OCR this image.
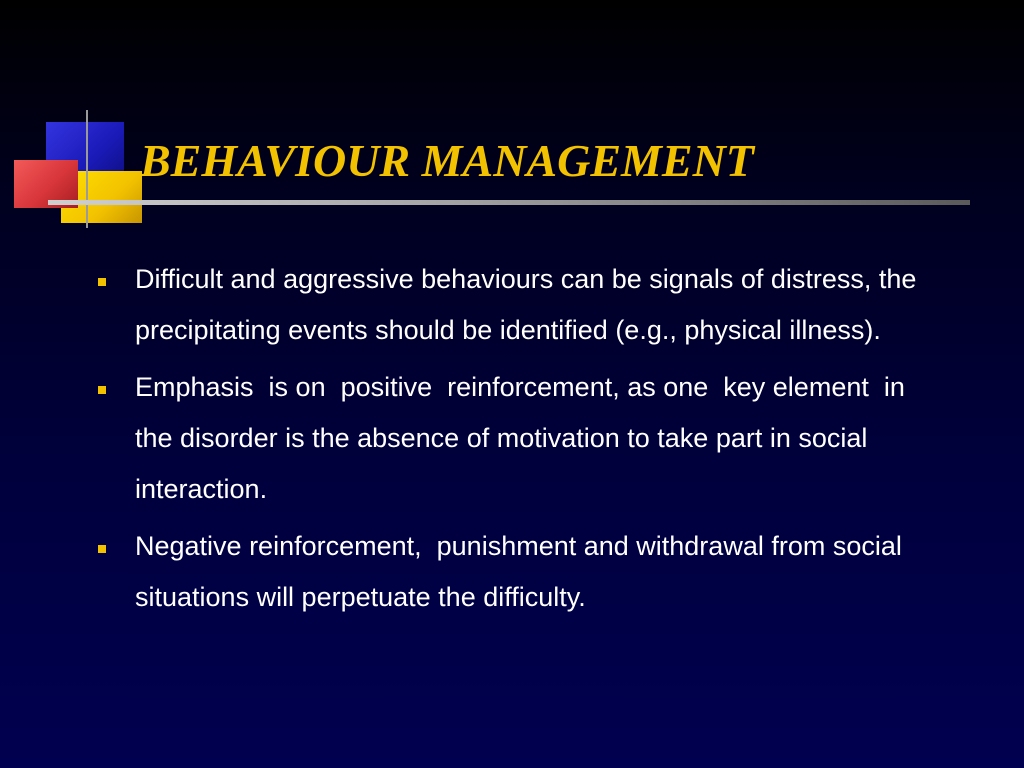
BEHAVIOUR MANAGEMENT
Difficult and aggressive behaviours can be signals of distress, the precipitating events should be identified (e.g., physical illness).
Emphasis  is on  positive  reinforcement, as one  key element  in  the disorder is the absence of motivation to take part in social interaction.
Negative reinforcement,  punishment and withdrawal from social situations will perpetuate the difficulty.
